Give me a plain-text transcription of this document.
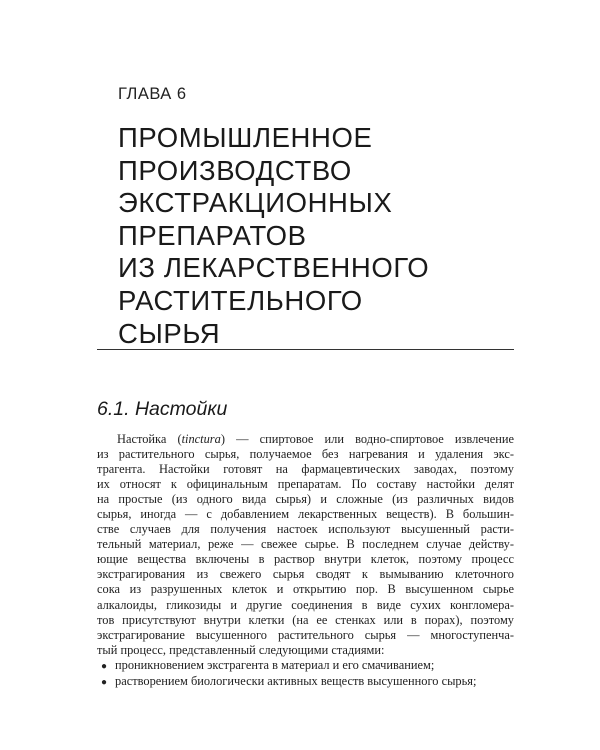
ГЛАВА 6
ПРОМЫШЛЕННОЕ
ПРОИЗВОДСТВО
ЭКСТРАКЦИОННЫХ
ПРЕПАРАТОВ
ИЗ ЛЕКАРСТВЕННОГО
РАСТИТЕЛЬНОГО
СЫРЬЯ
6.1. Настойки
Настойка (tinctura) — спиртовое или водно-спиртовое извлечение
из растительного сырья, получаемое без нагревания и удаления экс-
трагента. Настойки готовят на фармацевтических заводах, поэтому
их относят к официнальным препаратам. По составу настойки делят
на простые (из одного вида сырья) и сложные (из различных видов
сырья, иногда — с добавлением лекарственных веществ). В большин-
стве случаев для получения настоек используют высушенный расти-
тельный материал, реже — свежее сырье. В последнем случае действу-
ющие вещества включены в раствор внутри клеток, поэтому процесс
экстрагирования из свежего сырья сводят к вымыванию клеточного
сока из разрушенных клеток и открытию пор. В высушенном сырье
алкалоиды, гликозиды и другие соединения в виде сухих конгломера-
тов присутствуют внутри клетки (на ее стенках или в порах), поэтому
экстрагирование высушенного растительного сырья — многоступенча-
тый процесс, представленный следующими стадиями:
● проникновением экстрагента в материал и его смачиванием;
● растворением биологически активных веществ высушенного сырья;
